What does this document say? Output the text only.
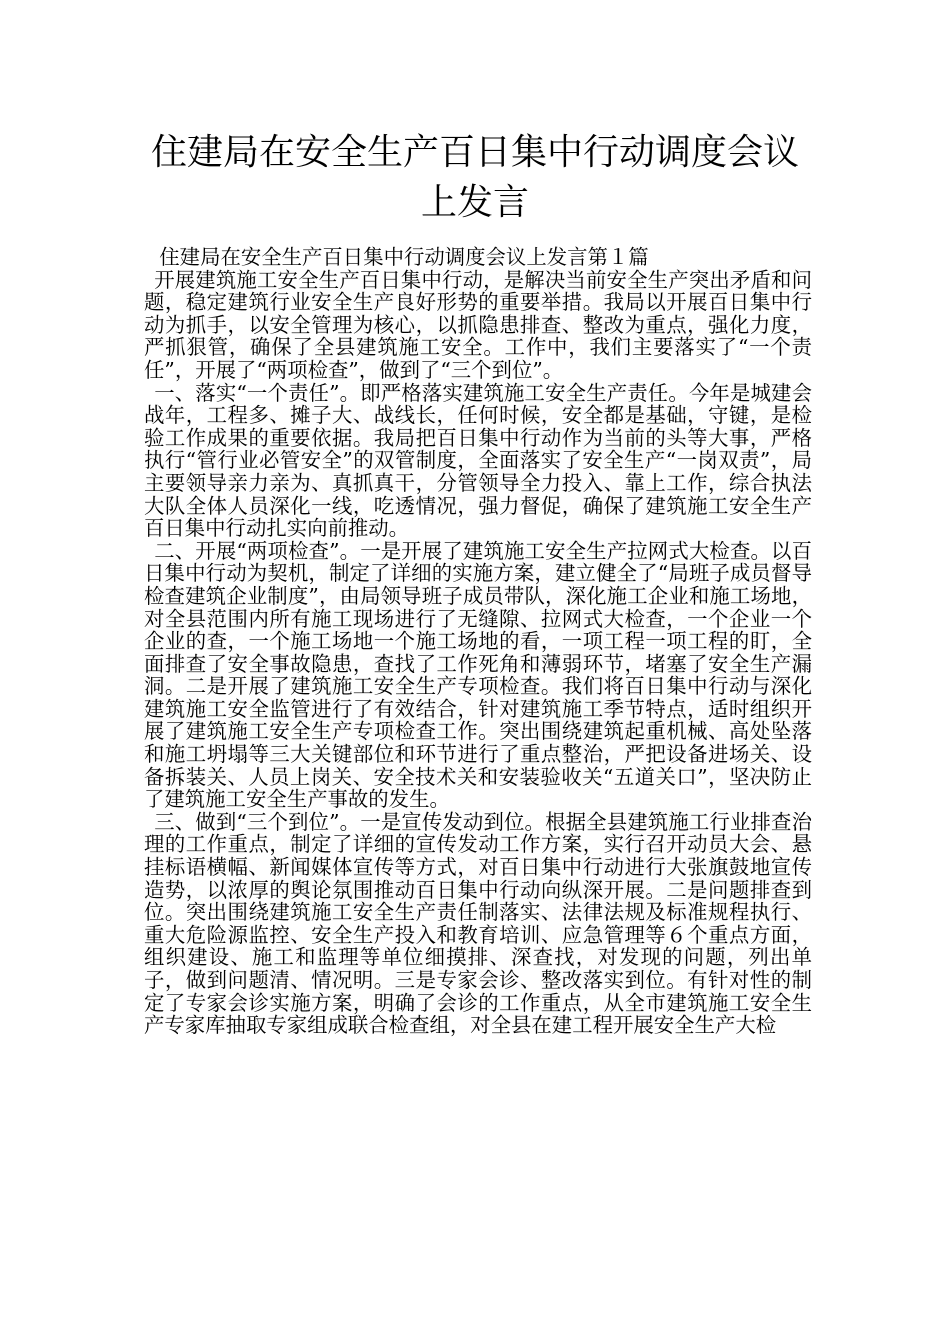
住建局在安全生产百日集中行动调度会议
上发言

住建局在安全生产百日集中行动调度会议上发言第１篇

开展建筑施工安全生产百日集中行动，是解决当前安全生产突出矛盾和问题，稳定建筑行业安全生产良好形势的重要举措。我局以开展百日集中行动为抓手，以安全管理为核心，以抓隐患排查、整改为重点，强化力度，严抓狠管，确保了全县建筑施工安全。工作中，我们主要落实了“一个责任”，开展了“两项检查”，做到了“三个到位”。

一、落实“一个责任”。即严格落实建筑施工安全生产责任。今年是城建会战年，工程多、摊子大、战线长，任何时候，安全都是基础，守键，是检验工作成果的重要依据。我局把百日集中行动作为当前的头等大事，严格执行“管行业必管安全”的双管制度，全面落实了安全生产“一岗双责”，局主要领导亲力亲为、真抓真干，分管领导全力投入、靠上工作，综合执法大队全体人员深化一线，吃透情况，强力督促，确保了建筑施工安全生产百日集中行动扎实向前推动。

二、开展“两项检查”。一是开展了建筑施工安全生产拉网式大检查。以百日集中行动为契机，制定了详细的实施方案，建立健全了“局班子成员督导检查建筑企业制度”，由局领导班子成员带队，深化施工企业和施工场地，对全县范围内所有施工现场进行了无缝隙、拉网式大检查，一个企业一个企业的查，一个施工场地一个施工场地的看，一项工程一项工程的盯，全面排查了安全事故隐患，查找了工作死角和薄弱环节，堵塞了安全生产漏洞。二是开展了建筑施工安全生产专项检查。我们将百日集中行动与深化建筑施工安全监管进行了有效结合，针对建筑施工季节特点，适时组织开展了建筑施工安全生产专项检查工作。突出围绕建筑起重机械、高处坠落和施工坍塌等三大关键部位和环节进行了重点整治，严把设备进场关、设备拆装关、人员上岗关、安全技术关和安装验收关“五道关口”，坚决防止了建筑施工安全生产事故的发生。

三、做到“三个到位”。一是宣传发动到位。根据全县建筑施工行业排查治理的工作重点，制定了详细的宣传发动工作方案，实行召开动员大会、悬挂标语横幅、新闻媒体宣传等方式，对百日集中行动进行大张旗鼓地宣传造势，以浓厚的舆论氛围推动百日集中行动向纵深开展。二是问题排查到位。突出围绕建筑施工安全生产责任制落实、法律法规及标准规程执行、重大危险源监控、安全生产投入和教育培训、应急管理等６个重点方面，组织建设、施工和监理等单位细摸排、深查找，对发现的问题，列出单子，做到问题清、情况明。三是专家会诊、整改落实到位。有针对性的制定了专家会诊实施方案，明确了会诊的工作重点，从全市建筑施工安全生产专家库抽取专家组成联合检查组，对全县在建工程开展安全生产大检
